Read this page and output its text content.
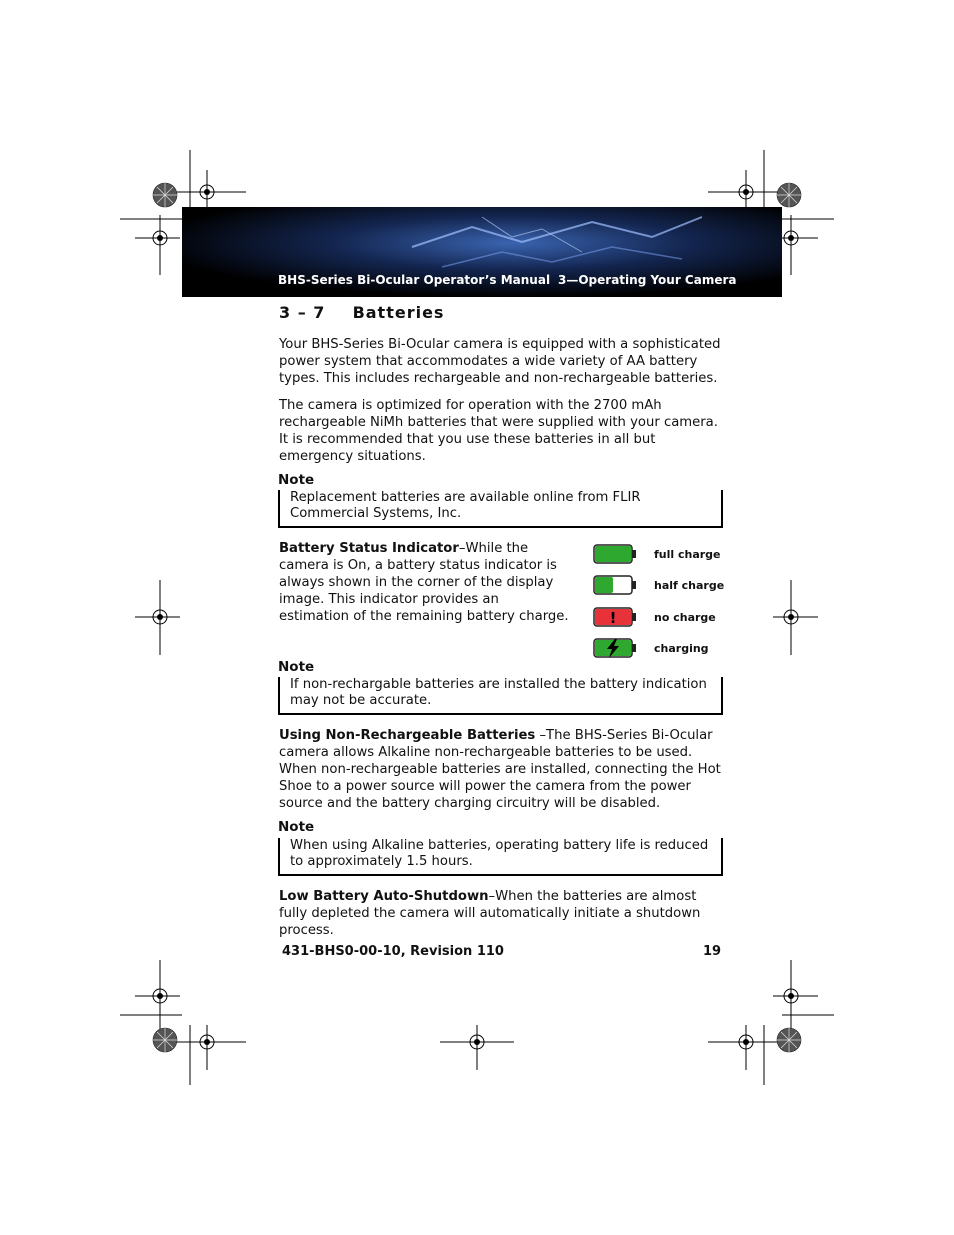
BHS-Series Bi-Ocular Operator’s Manual 3—Operating Your Camera
3 – 7 Batteries
Your BHS-Series Bi-Ocular camera is equipped with a sophisticated power system that accommodates a wide variety of AA battery types. This includes rechargeable and non-rechargeable batteries.
The camera is optimized for operation with the 2700 mAh rechargeable NiMh batteries that were supplied with your camera. It is recommended that you use these batteries in all but emergency situations.
Note
Replacement batteries are available online from FLIR Commercial Systems, Inc.
Battery Status Indicator–While the camera is On, a battery status indicator is always shown in the corner of the display image. This indicator provides an estimation of the remaining battery charge.
full charge
half charge
!	no charge
charging
Note
If non-rechargable batteries are installed the battery indication may not be accurate.
Using Non-Rechargeable Batteries –The BHS-Series Bi-Ocular camera allows Alkaline non-rechargeable batteries to be used. When non-rechargeable batteries are installed, connecting the Hot Shoe to a power source will power the camera from the power source and the battery charging circuitry will be disabled.
Note
When using Alkaline batteries, operating battery life is reduced to approximately 1.5 hours.
Low Battery Auto-Shutdown–When the batteries are almost fully depleted the camera will automatically initiate a shutdown process.
431-BHS0-00-10, Revision 110	19
